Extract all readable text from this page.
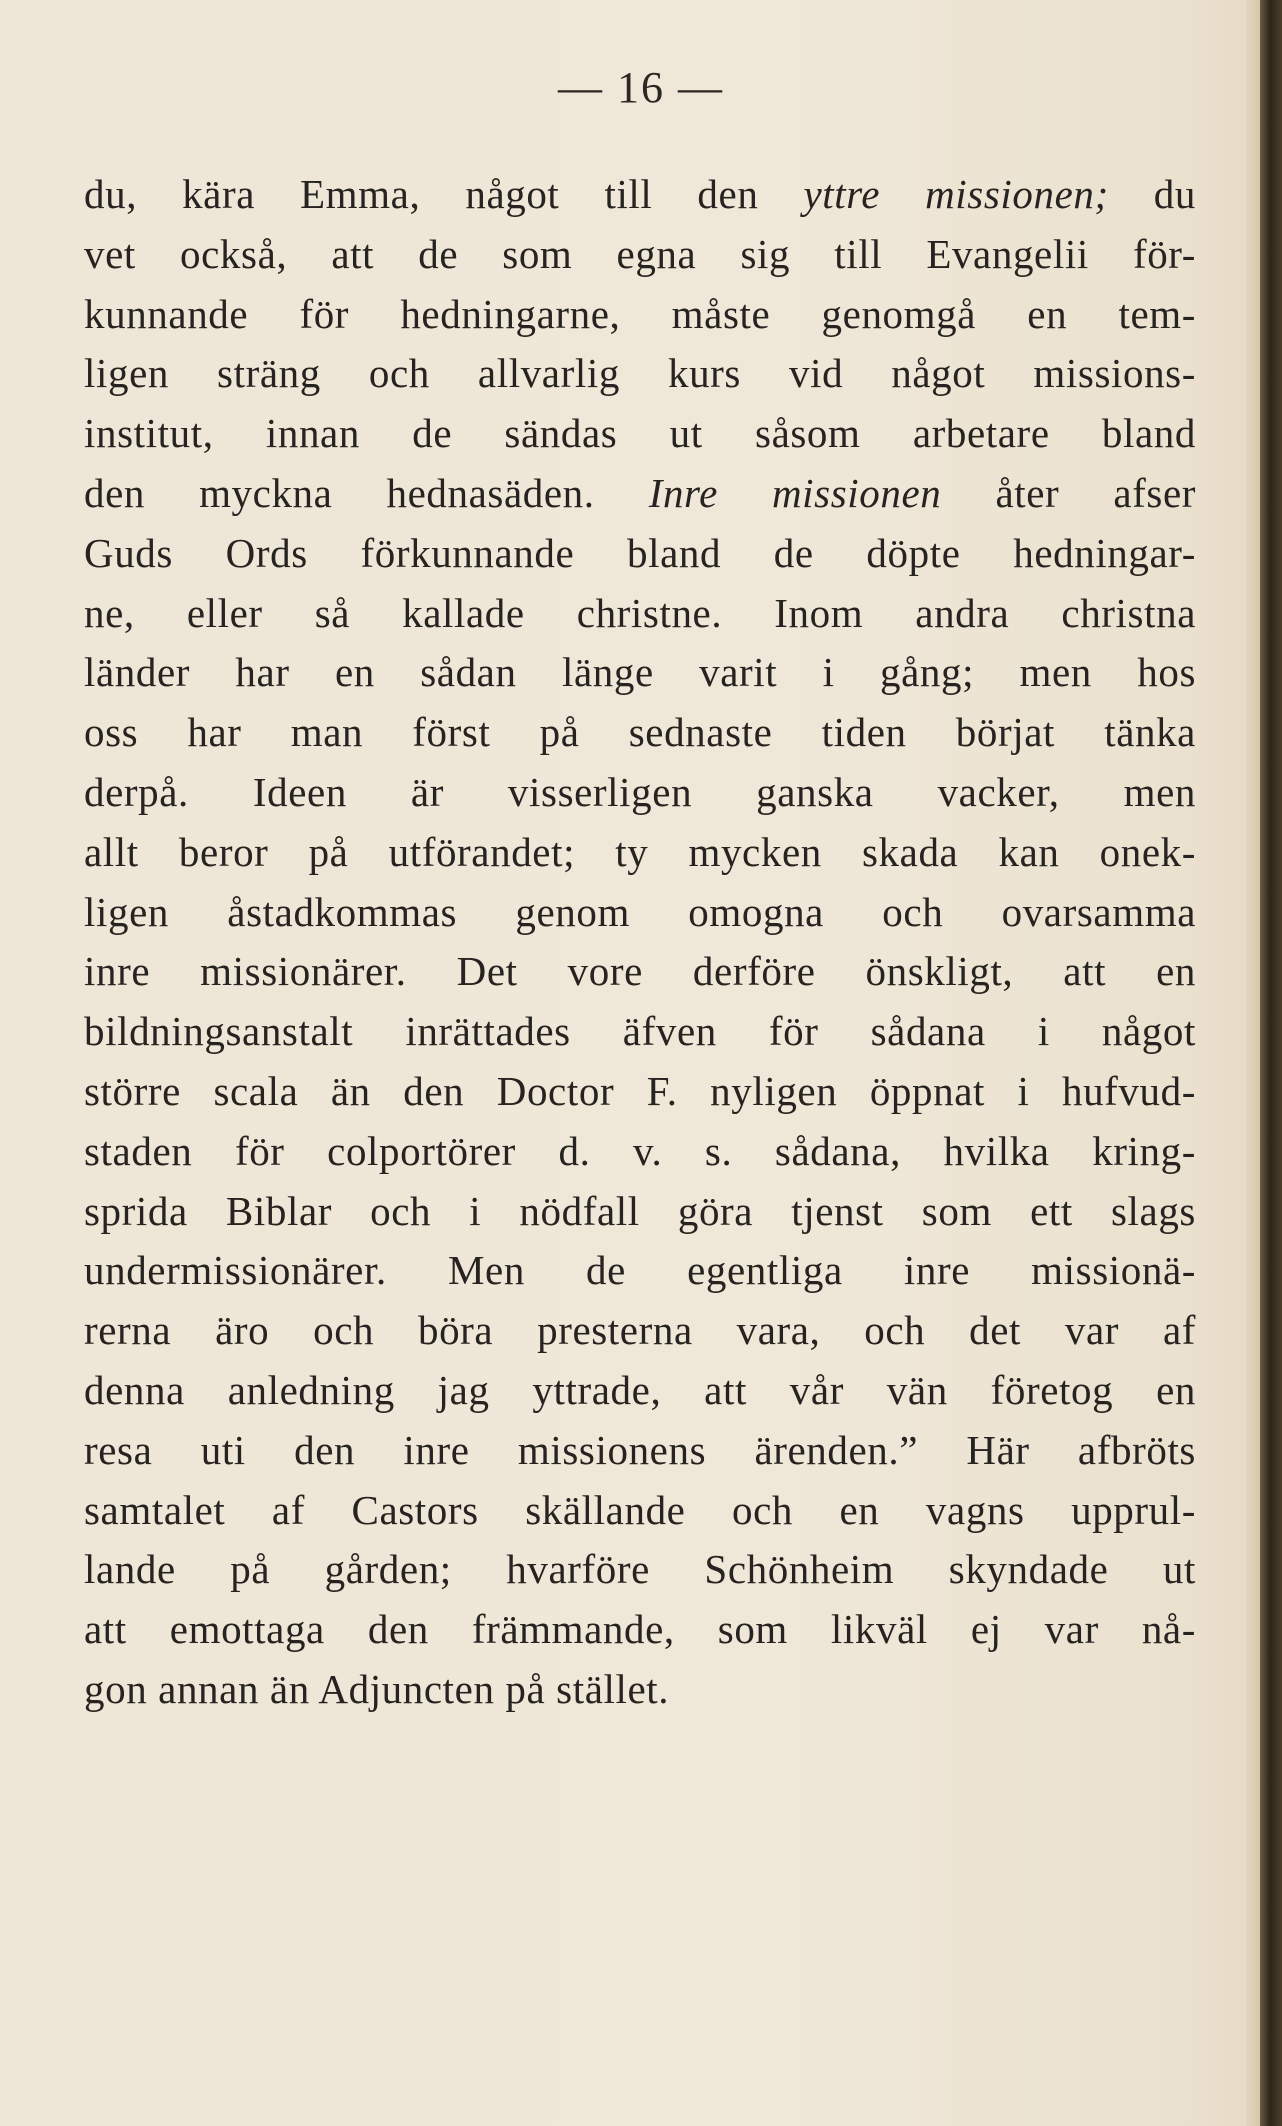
— 16 —
du, kära Emma, något till den yttre missionen; du
vet också, att de som egna sig till Evangelii för-
kunnande för hedningarne, måste genomgå en tem-
ligen sträng och allvarlig kurs vid något missions-
institut, innan de sändas ut såsom arbetare bland
den myckna hednasäden. Inre missionen åter afser
Guds Ords förkunnande bland de döpte hedningar-
ne, eller så kallade christne. Inom andra christna
länder har en sådan länge varit i gång; men hos
oss har man först på sednaste tiden börjat tänka
derpå. Ideen är visserligen ganska vacker, men
allt beror på utförandet; ty mycken skada kan onek-
ligen åstadkommas genom omogna och ovarsamma
inre missionärer. Det vore derföre önskligt, att en
bildningsanstalt inrättades äfven för sådana i något
större scala än den Doctor F. nyligen öppnat i hufvud-
staden för colportörer d. v. s. sådana, hvilka kring-
sprida Biblar och i nödfall göra tjenst som ett slags
undermissionärer. Men de egentliga inre missionä-
rerna äro och böra presterna vara, och det var af
denna anledning jag yttrade, att vår vän företog en
resa uti den inre missionens ärenden.” Här afbröts
samtalet af Castors skällande och en vagns upprul-
lande på gården; hvarföre Schönheim skyndade ut
att emottaga den främmande, som likväl ej var nå-
gon annan än Adjuncten på stället.
